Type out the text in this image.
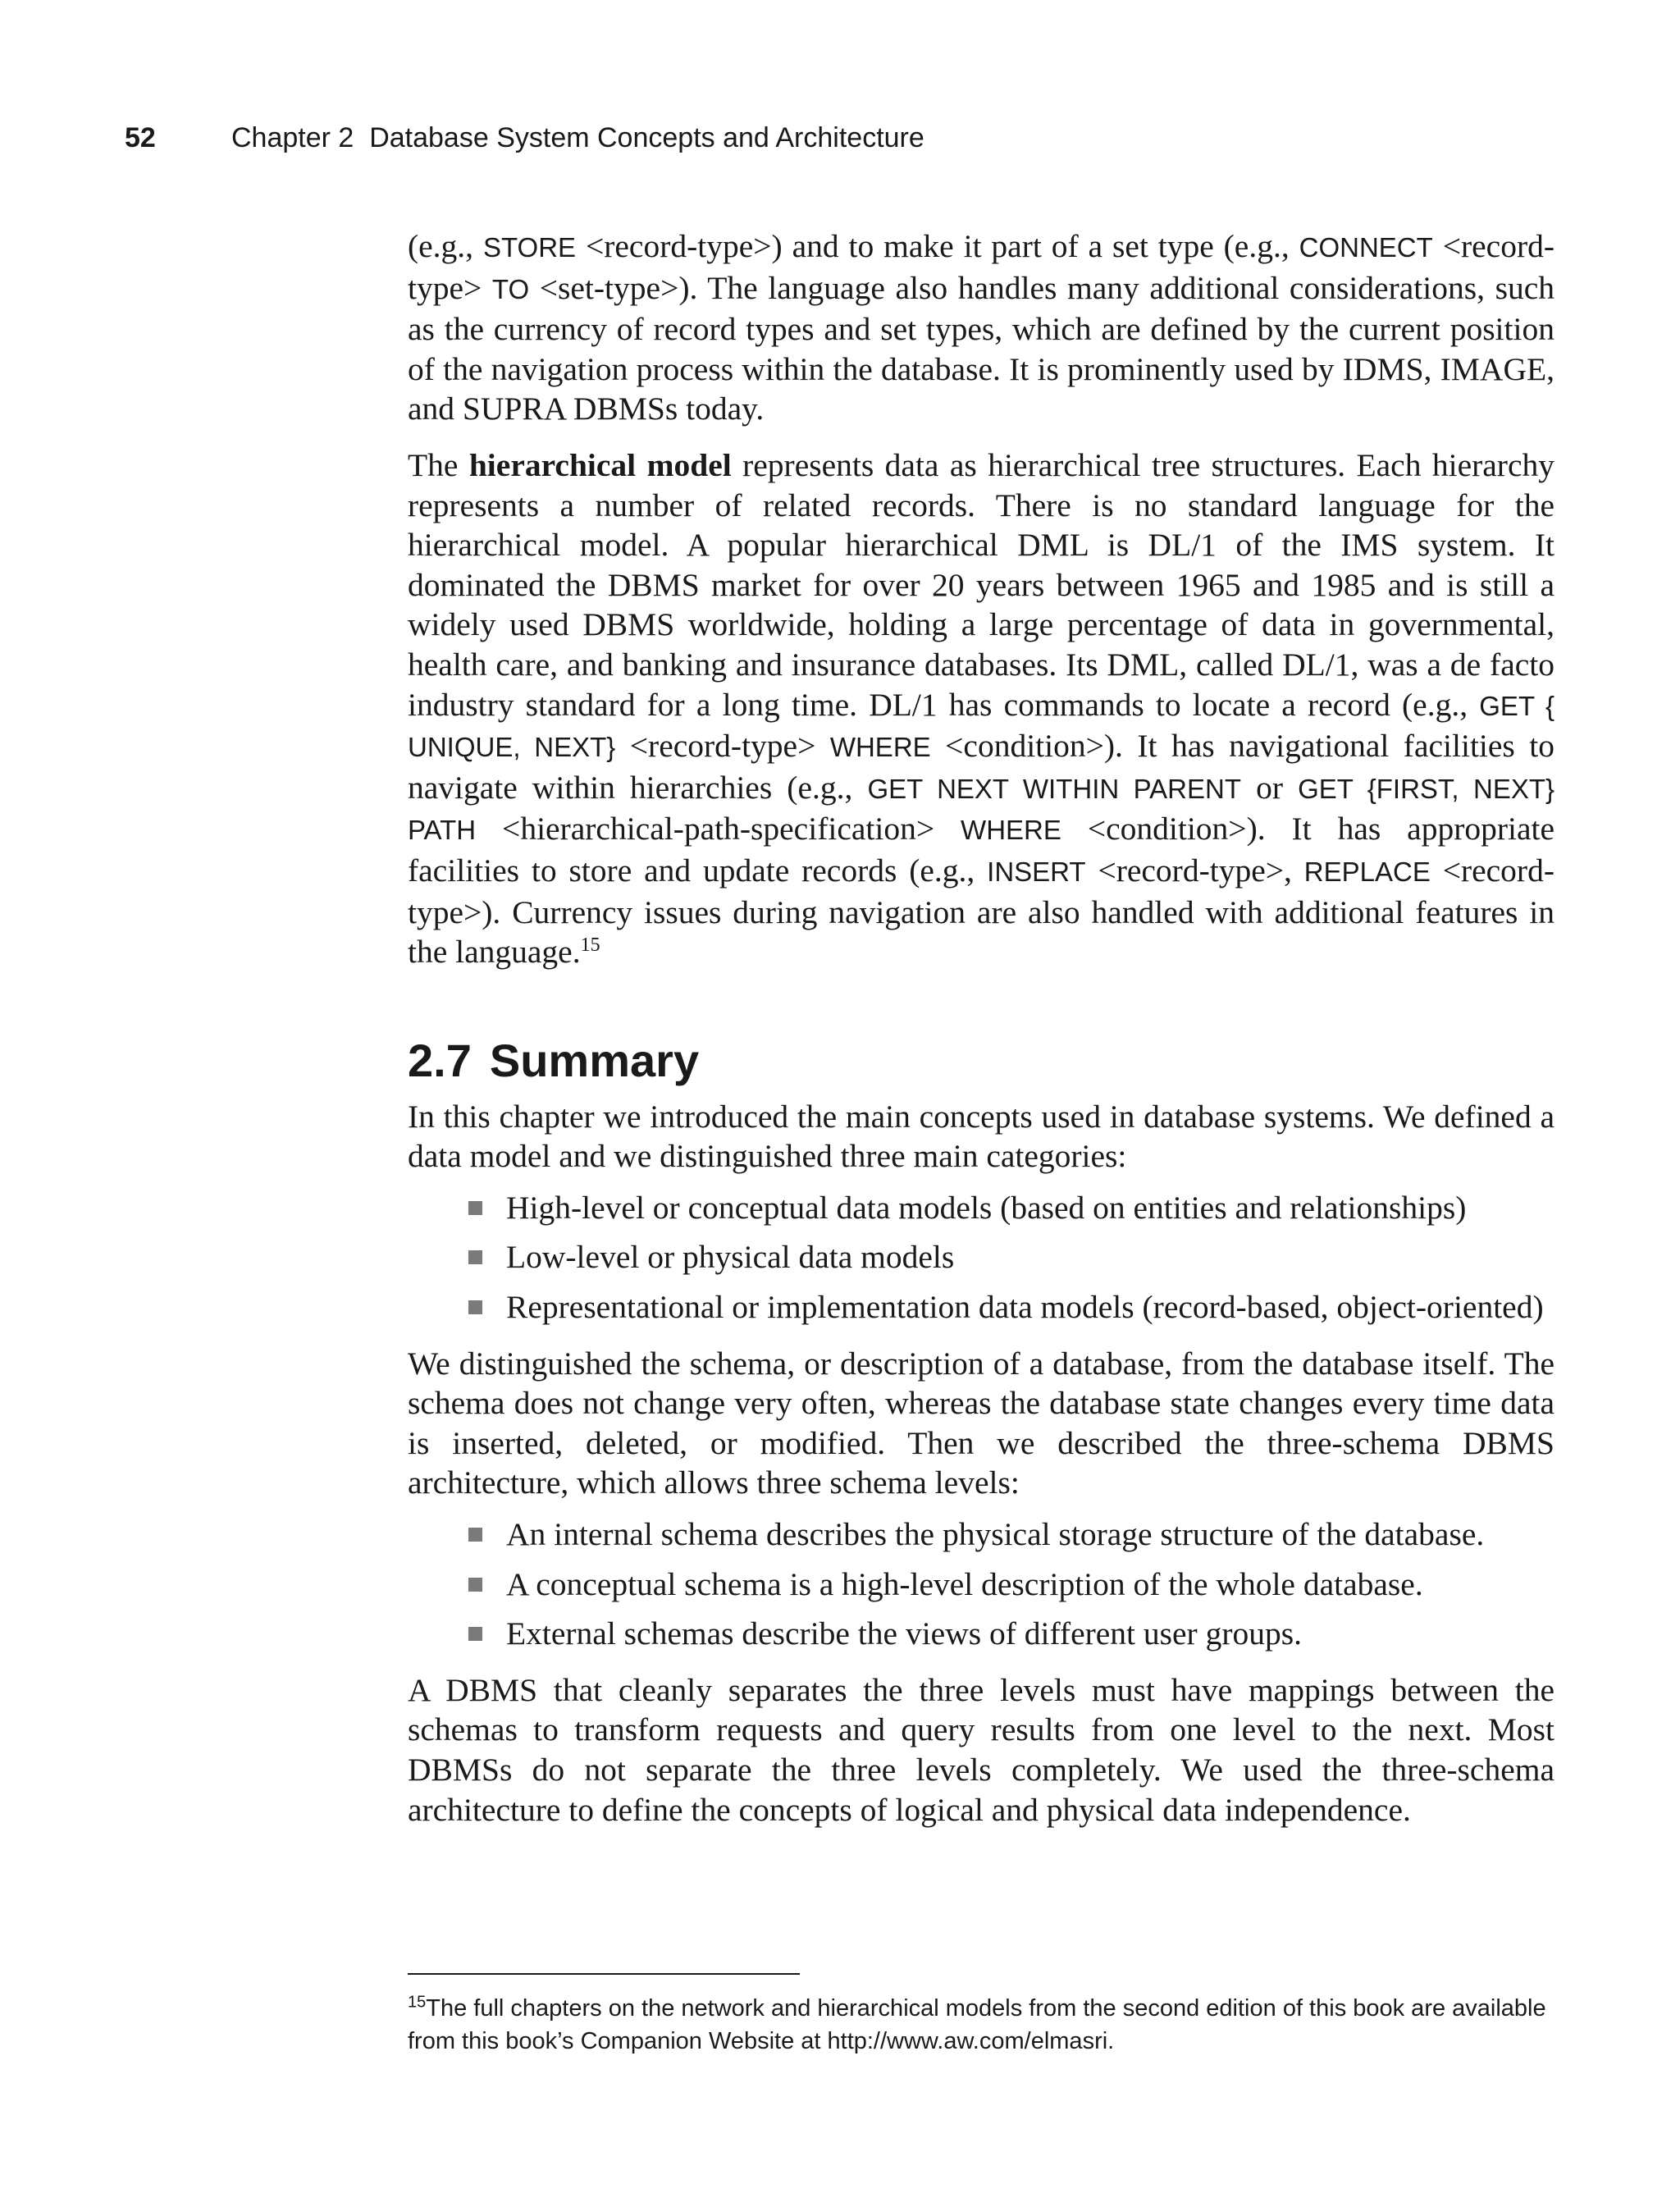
52	Chapter 2  Database System Concepts and Architecture

(e.g., STORE <record-type>) and to make it part of a set type (e.g., CONNECT <record-type> TO <set-type>). The language also handles many additional considerations, such as the currency of record types and set types, which are defined by the current position of the navigation process within the database. It is prominently used by IDMS, IMAGE, and SUPRA DBMSs today.

The hierarchical model represents data as hierarchical tree structures. Each hierarchy represents a number of related records. There is no standard language for the hierarchical model. A popular hierarchical DML is DL/1 of the IMS system. It dominated the DBMS market for over 20 years between 1965 and 1985 and is still a widely used DBMS worldwide, holding a large percentage of data in governmental, health care, and banking and insurance databases. Its DML, called DL/1, was a de facto industry standard for a long time. DL/1 has commands to locate a record (e.g., GET { UNIQUE, NEXT} <record-type> WHERE <condition>). It has navigational facilities to navigate within hierarchies (e.g., GET NEXT WITHIN PARENT or GET {FIRST, NEXT} PATH <hierarchical-path-specification> WHERE <condition>). It has appropriate facilities to store and update records (e.g., INSERT <record-type>, REPLACE <record-type>). Currency issues during navigation are also handled with additional features in the language.$^{15}$

2.7 Summary

In this chapter we introduced the main concepts used in database systems. We defined a data model and we distinguished three main categories:

High-level or conceptual data models (based on entities and relationships)
Low-level or physical data models
Representational or implementation data models (record-based, object-oriented)

We distinguished the schema, or description of a database, from the database itself. The schema does not change very often, whereas the database state changes every time data is inserted, deleted, or modified. Then we described the three-schema DBMS architecture, which allows three schema levels:

An internal schema describes the physical storage structure of the database.
A conceptual schema is a high-level description of the whole database.
External schemas describe the views of different user groups.

A DBMS that cleanly separates the three levels must have mappings between the schemas to transform requests and query results from one level to the next. Most DBMSs do not separate the three levels completely. We used the three-schema architecture to define the concepts of logical and physical data independence.

$^{15}$The full chapters on the network and hierarchical models from the second edition of this book are available from this book’s Companion Website at http://www.aw.com/elmasri.
